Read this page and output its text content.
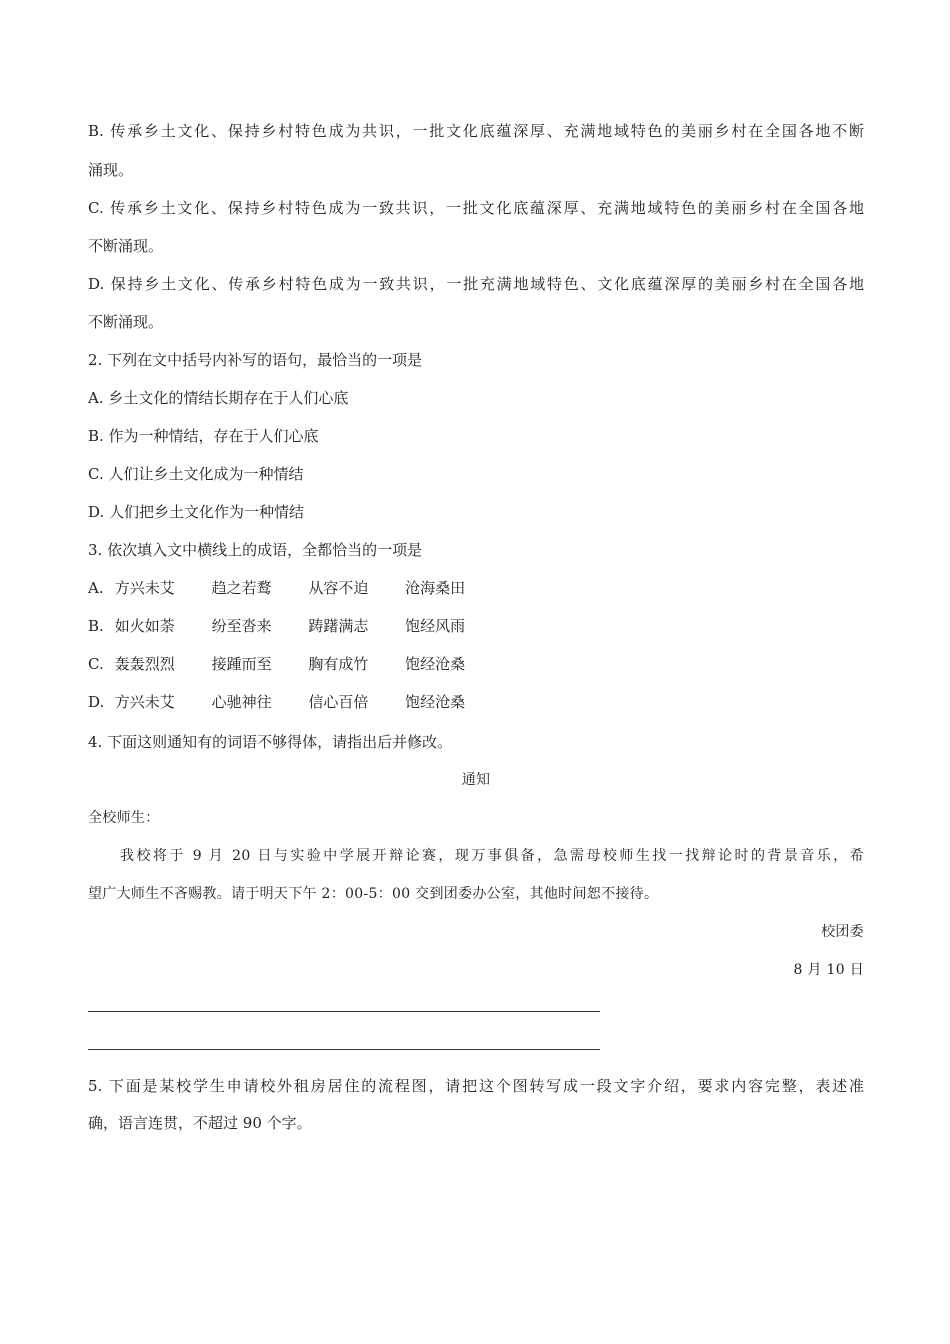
B. 传承乡土文化、保持乡村特色成为共识，一批文化底蕴深厚、充满地域特色的美丽乡村在全国各地不断
涌现。
C. 传承乡土文化、保持乡村特色成为一致共识，一批文化底蕴深厚、充满地域特色的美丽乡村在全国各地
不断涌现。
D. 保持乡土文化、传承乡村特色成为一致共识，一批充满地域特色、文化底蕴深厚的美丽乡村在全国各地
不断涌现。
2. 下列在文中括号内补写的语句，最恰当的一项是
A. 乡土文化的情结长期存在于人们心底
B. 作为一种情结，存在于人们心底
C. 人们让乡土文化成为一种情结
D. 人们把乡土文化作为一种情结
3. 依次填入文中横线上的成语，全都恰当的一项是
A. 方兴未艾 趋之若鹜 从容不迫 沧海桑田
B. 如火如荼 纷至沓来 踌躇满志 饱经风雨
C. 轰轰烈烈 接踵而至 胸有成竹 饱经沧桑
D. 方兴未艾 心驰神往 信心百倍 饱经沧桑
4. 下面这则通知有的词语不够得体，请指出后并修改。
通知
全校师生：
我校将于 9 月 20 日与实验中学展开辩论赛，现万事俱备，急需母校师生找一找辩论时的背景音乐，希
望广大师生不吝赐教。请于明天下午 2：00-5：00 交到团委办公室，其他时间恕不接待。
校团委
8 月 10 日
5. 下面是某校学生申请校外租房居住的流程图，请把这个图转写成一段文字介绍，要求内容完整，表述准
确，语言连贯，不超过 90 个字。
